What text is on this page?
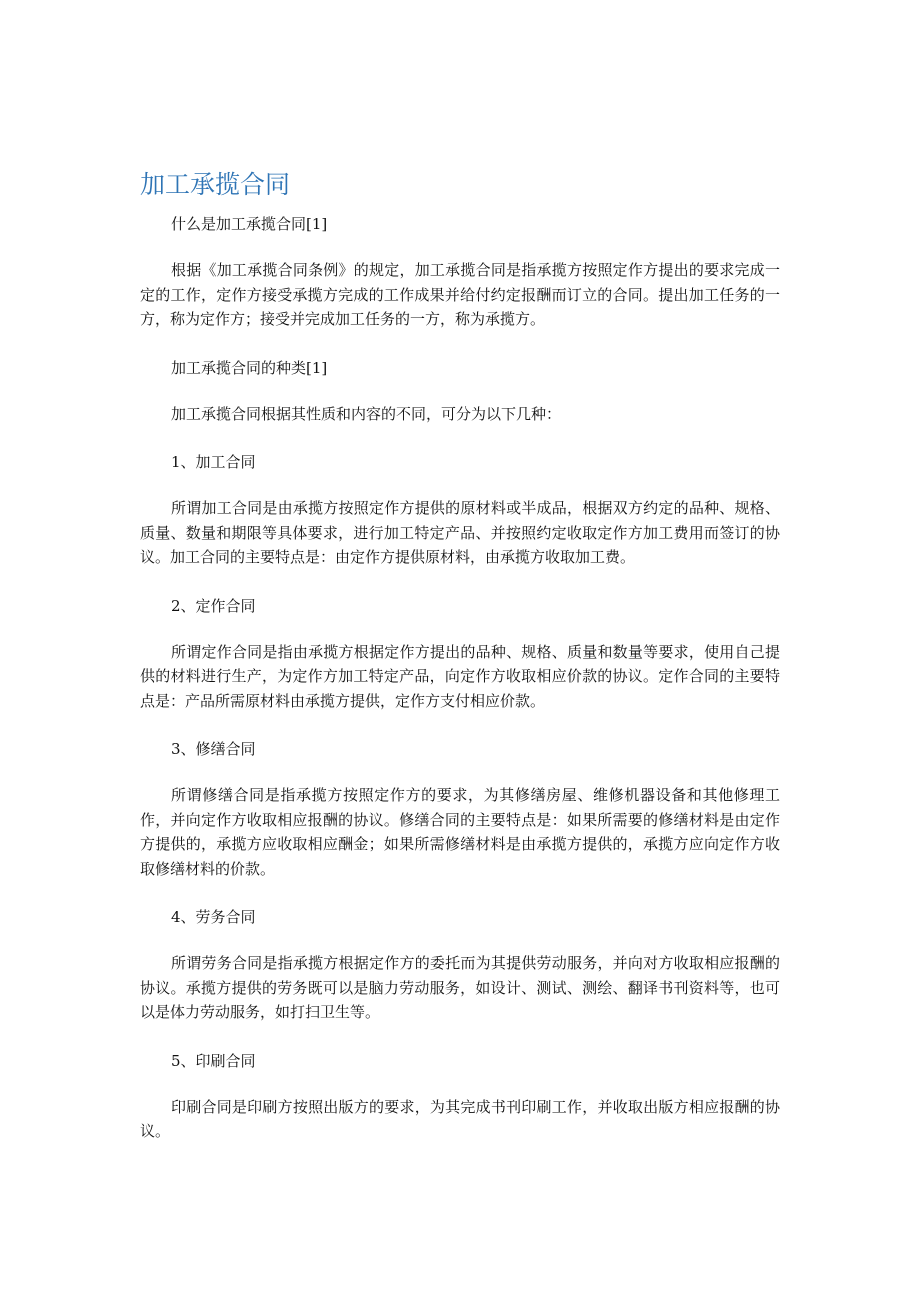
加工承揽合同

什么是加工承揽合同[1]

根据《加工承揽合同条例》的规定，加工承揽合同是指承揽方按照定作方提出的要求完成一定的工作，定作方接受承揽方完成的工作成果并给付约定报酬而订立的合同。提出加工任务的一方，称为定作方；接受并完成加工任务的一方，称为承揽方。

加工承揽合同的种类[1]

加工承揽合同根据其性质和内容的不同，可分为以下几种：

1、加工合同

所谓加工合同是由承揽方按照定作方提供的原材料或半成品，根据双方约定的品种、规格、质量、数量和期限等具体要求，进行加工特定产品、并按照约定收取定作方加工费用而签订的协议。加工合同的主要特点是：由定作方提供原材料，由承揽方收取加工费。

2、定作合同

所谓定作合同是指由承揽方根据定作方提出的品种、规格、质量和数量等要求，使用自己提供的材料进行生产，为定作方加工特定产品，向定作方收取相应价款的协议。定作合同的主要特点是：产品所需原材料由承揽方提供，定作方支付相应价款。

3、修缮合同

所谓修缮合同是指承揽方按照定作方的要求，为其修缮房屋、维修机器设备和其他修理工作，并向定作方收取相应报酬的协议。修缮合同的主要特点是：如果所需要的修缮材料是由定作方提供的，承揽方应收取相应酬金；如果所需修缮材料是由承揽方提供的，承揽方应向定作方收取修缮材料的价款。

4、劳务合同

所谓劳务合同是指承揽方根据定作方的委托而为其提供劳动服务，并向对方收取相应报酬的协议。承揽方提供的劳务既可以是脑力劳动服务，如设计、测试、测绘、翻译书刊资料等，也可以是体力劳动服务，如打扫卫生等。

5、印刷合同

印刷合同是印刷方按照出版方的要求，为其完成书刊印刷工作，并收取出版方相应报酬的协议。
